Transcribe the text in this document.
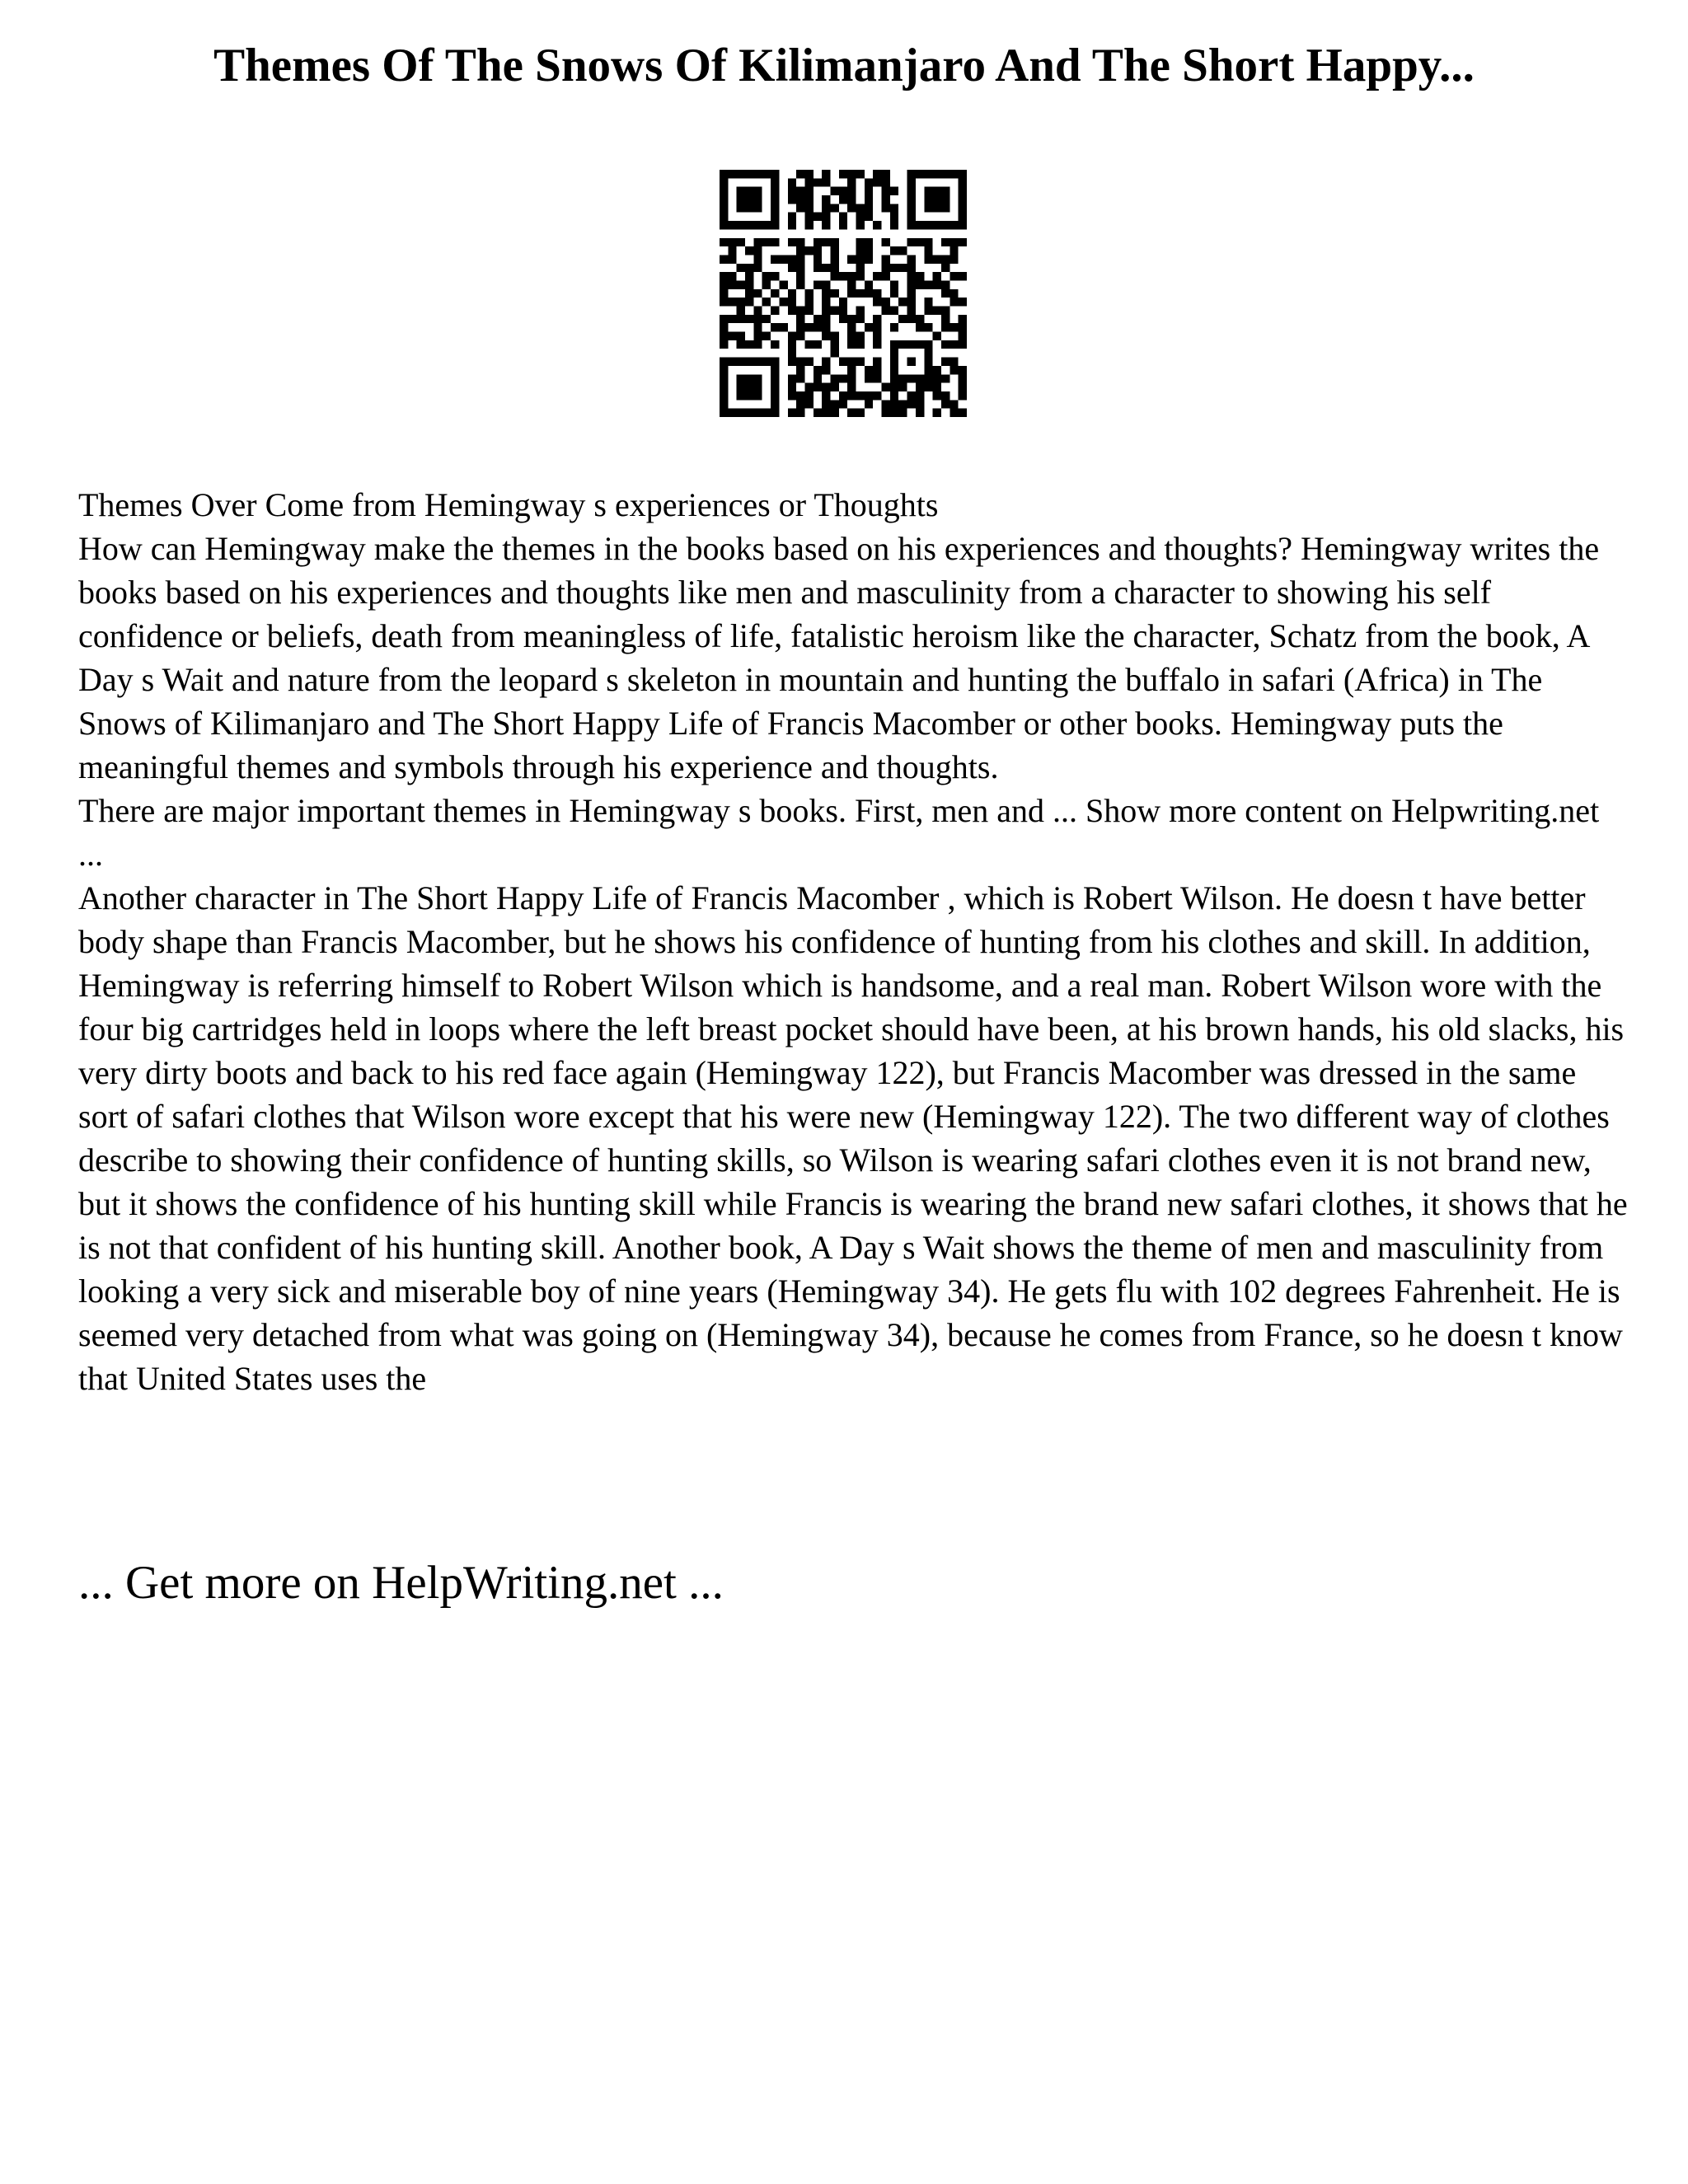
Themes Of The Snows Of Kilimanjaro And The Short Happy...

Themes Over Come from Hemingway s experiences or Thoughts

How can Hemingway make the themes in the books based on his experiences and thoughts? Hemingway writes the books based on his experiences and thoughts like men and masculinity from a character to showing his self confidence or beliefs, death from meaningless of life, fatalistic heroism like the character, Schatz from the book, A Day s Wait and nature from the leopard s skeleton in mountain and hunting the buffalo in safari (Africa) in The Snows of Kilimanjaro and The Short Happy Life of Francis Macomber or other books. Hemingway puts the meaningful themes and symbols through his experience and thoughts.

There are major important themes in Hemingway s books. First, men and ... Show more content on Helpwriting.net ...

Another character in The Short Happy Life of Francis Macomber , which is Robert Wilson. He doesn t have better body shape than Francis Macomber, but he shows his confidence of hunting from his clothes and skill. In addition, Hemingway is referring himself to Robert Wilson which is handsome, and a real man. Robert Wilson wore with the four big cartridges held in loops where the left breast pocket should have been, at his brown hands, his old slacks, his very dirty boots and back to his red face again (Hemingway 122), but Francis Macomber was dressed in the same sort of safari clothes that Wilson wore except that his were new (Hemingway 122). The two different way of clothes describe to showing their confidence of hunting skills, so Wilson is wearing safari clothes even it is not brand new, but it shows the confidence of his hunting skill while Francis is wearing the brand new safari clothes, it shows that he is not that confident of his hunting skill. Another book, A Day s Wait shows the theme of men and masculinity from looking a very sick and miserable boy of nine years (Hemingway 34). He gets flu with 102 degrees Fahrenheit. He is seemed very detached from what was going on (Hemingway 34), because he comes from France, so he doesn t know that United States uses the

... Get more on HelpWriting.net ...
